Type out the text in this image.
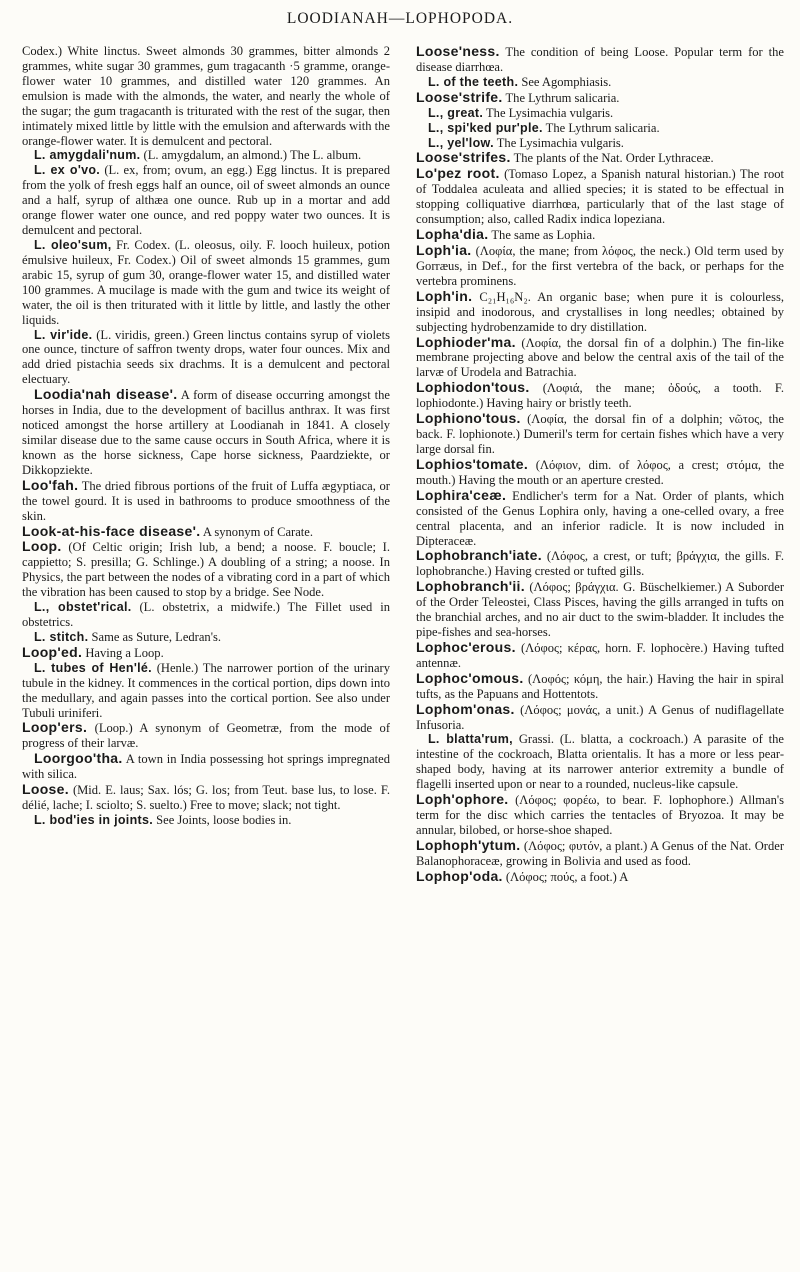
LOODIANAH—LOPHOPODA.

Codex.) White linctus. Sweet almonds 30 grammes, bitter almonds 2 grammes, white sugar 30 grammes, gum tragacanth ·5 gramme, orange-flower water 10 grammes, and distilled water 120 grammes. An emulsion is made with the almonds, the water, and nearly the whole of the sugar; the gum tragacanth is triturated with the rest of the sugar, then intimately mixed little by little with the emulsion and afterwards with the orange-flower water. It is demulcent and pectoral.

L. amygdali'num. (L. amygdalum, an almond.) The L. album.

L. ex o'vo. (L. ex, from; ovum, an egg.) Egg linctus. It is prepared from the yolk of fresh eggs half an ounce, oil of sweet almonds an ounce and a half, syrup of althæa one ounce. Rub up in a mortar and add orange flower water one ounce, and red poppy water two ounces. It is demulcent and pectoral.

L. oleo'sum, Fr. Codex. (L. oleosus, oily. F. looch huileux, potion émulsive huileux, Fr. Codex.) Oil of sweet almonds 15 grammes, gum arabic 15, syrup of gum 30, orange-flower water 15, and distilled water 100 grammes. A mucilage is made with the gum and twice its weight of water, the oil is then triturated with it little by little, and lastly the other liquids.

L. vir'ide. (L. viridis, green.) Green linctus contains syrup of violets one ounce, tincture of saffron twenty drops, water four ounces. Mix and add dried pistachia seeds six drachms. It is a demulcent and pectoral electuary.

Loodia'nah disease'. A form of disease occurring amongst the horses in India, due to the development of bacillus anthrax. It was first noticed amongst the horse artillery at Loodianah in 1841. A closely similar disease due to the same cause occurs in South Africa, where it is known as the horse sickness, Cape horse sickness, Paardziekte, or Dikkopziekte.

Loo'fah. The dried fibrous portions of the fruit of Luffa ægyptiaca, or the towel gourd. It is used in bathrooms to produce smoothness of the skin.

Look-at-his-face disease'. A synonym of Carate.

Loop. (Of Celtic origin; Irish lub, a bend; a noose. F. boucle; I. cappietto; S. presilla; G. Schlinge.) A doubling of a string; a noose. In Physics, the part between the nodes of a vibrating cord in a part of which the vibration has been caused to stop by a bridge. See Node.

L., obstet'rical. (L. obstetrix, a midwife.) The Fillet used in obstetrics.

L. stitch. Same as Suture, Ledran's.

Loop'ed. Having a Loop.

L. tubes of Hen'lé. (Henle.) The narrower portion of the urinary tubule in the kidney. It commences in the cortical portion, dips down into the medullary, and again passes into the cortical portion. See also under Tubuli uriniferi.

Loop'ers. (Loop.) A synonym of Geometræ, from the mode of progress of their larvæ.

Loorgoo'tha. A town in India possessing hot springs impregnated with silica.

Loose. (Mid. E. laus; Sax. lós; G. los; from Teut. base lus, to lose. F. délié, lache; I. sciolto; S. suelto.) Free to move; slack; not tight.

L. bod'ies in joints. See Joints, loose bodies in.

Loose'ness. The condition of being Loose. Popular term for the disease diarrhœa.

L. of the teeth. See Agomphiasis.

Loose'strife. The Lythrum salicaria.

L., great. The Lysimachia vulgaris.

L., spi'ked pur'ple. The Lythrum salicaria.

L., yel'low. The Lysimachia vulgaris.

Loose'strifes. The plants of the Nat. Order Lythraceæ.

Lo'pez root. (Tomaso Lopez, a Spanish natural historian.) The root of Toddalea aculeata and allied species; it is stated to be effectual in stopping colliquative diarrhœa, particularly that of the last stage of consumption; also, called Radix indica lopeziana.

Lopha'dia. The same as Lophia.

Loph'ia. (Λοφία, the mane; from λόφος, the neck.) Old term used by Gorræus, in Def., for the first vertebra of the back, or perhaps for the vertebra prominens.

Loph'in. C₂₁H₁₆N₂. An organic base; when pure it is colourless, insipid and inodorous, and crystallises in long needles; obtained by subjecting hydrobenzamide to dry distillation.

Lophioder'ma. (Λοφία, the dorsal fin of a dolphin.) The fin-like membrane projecting above and below the central axis of the tail of the larvæ of Urodela and Batrachia.

Lophiodon'tous. (Λοφιά, the mane; ὀδούς, a tooth. F. lophiodonte.) Having hairy or bristly teeth.

Lophiono'tous. (Λοφία, the dorsal fin of a dolphin; νῶτος, the back. F. lophionote.) Dumeril's term for certain fishes which have a very large dorsal fin.

Lophios'tomate. (Λόφιον, dim. of λόφος, a crest; στόμα, the mouth.) Having the mouth or an aperture crested.

Lophira'ceæ. Endlicher's term for a Nat. Order of plants, which consisted of the Genus Lophira only, having a one-celled ovary, a free central placenta, and an inferior radicle. It is now included in Dipteraceæ.

Lophobranch'iate. (Λόφος, a crest, or tuft; βράγχια, the gills. F. lophobranche.) Having crested or tufted gills.

Lophobranch'ii. (Λόφος; βράγχια. G. Büschelkiemer.) A Suborder of the Order Teleostei, Class Pisces, having the gills arranged in tufts on the branchial arches, and no air duct to the swim-bladder. It includes the pipe-fishes and sea-horses.

Lophoc'erous. (Λόφος; κέρας, horn. F. lophocère.) Having tufted antennæ.

Lophoc'omous. (Λοφός; κόμη, the hair.) Having the hair in spiral tufts, as the Papuans and Hottentots.

Lophom'onas. (Λόφος; μονάς, a unit.) A Genus of nudiflagellate Infusoria.

L. blatta'rum, Grassi. (L. blatta, a cockroach.) A parasite of the intestine of the cockroach, Blatta orientalis. It has a more or less pear-shaped body, having at its narrower anterior extremity a bundle of flagelli inserted upon or near to a rounded, nucleus-like capsule.

Loph'ophore. (Λόφος; φορέω, to bear. F. lophophore.) Allman's term for the disc which carries the tentacles of Bryozoa. It may be annular, bilobed, or horse-shoe shaped.

Lophoph'ytum. (Λόφος; φυτόν, a plant.) A Genus of the Nat. Order Balanophoraceæ, growing in Bolivia and used as food.

Lophop'oda. (Λόφος; πούς, a foot.) A
